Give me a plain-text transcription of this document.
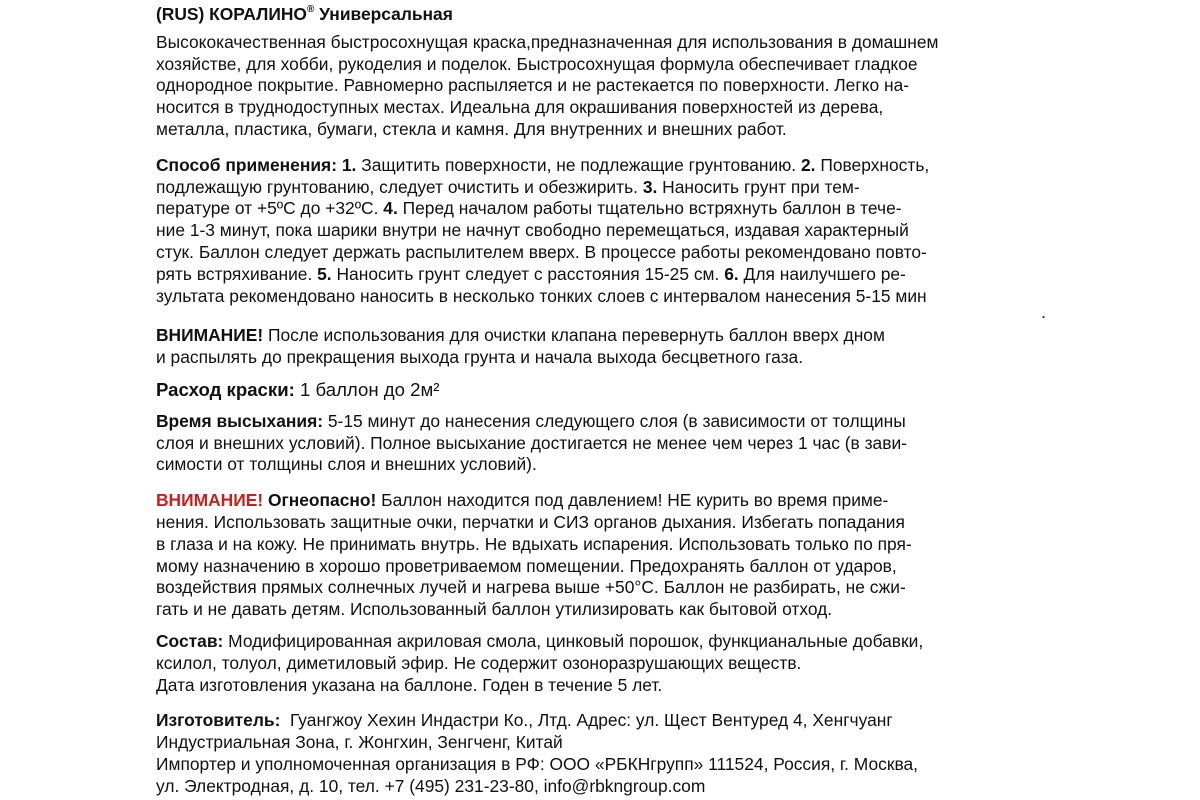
(RUS) КОРАЛИНО® Универсальная

Высококачественная быстросохнущая краска,предназначенная для использования в домашнем
хозяйстве, для хобби, рукоделия и поделок. Быстросохнущая формула обеспечивает гладкое
однородное покрытие. Равномерно распыляется и не растекается по поверхности. Легко на-
носится в труднодоступных местах. Идеальна для окрашивания поверхностей из дерева,
металла, пластика, бумаги, стекла и камня. Для внутренних и внешних работ.

Способ применения: 1. Защитить поверхности, не подлежащие грунтованию. 2. Поверхность,
подлежащую грунтованию, следует очистить и обезжирить. 3. Наносить грунт при тем-
пературе от +5ºС до +32ºС. 4. Перед началом работы тщательно встряхнуть баллон в тече-
ние 1-3 минут, пока шарики внутри не начнут свободно перемещаться, издавая характерный
стук. Баллон следует держать распылителем вверх. В процессе работы рекомендовано повто-
рять встряхивание. 5. Наносить грунт следует с расстояния 15-25 см. 6. Для наилучшего ре-
зультата рекомендовано наносить в несколько тонких слоев с интервалом нанесения 5-15 мин
.

ВНИМАНИЕ! После использования для очистки клапана перевернуть баллон вверх дном
и распылять до прекращения выхода грунта и начала выхода бесцветного газа.

Расход краски: 1 баллон до 2м²

Время высыхания: 5-15 минут до нанесения следующего слоя (в зависимости от толщины
слоя и внешних условий). Полное высыхание достигается не менее чем через 1 час (в зави-
симости от толщины слоя и внешних условий).

ВНИМАНИЕ! Огнеопасно! Баллон находится под давлением! НЕ курить во время приме-
нения. Использовать защитные очки, перчатки и СИЗ органов дыхания. Избегать попадания
в глаза и на кожу. Не принимать внутрь. Не вдыхать испарения. Использовать только по пря-
мому назначению в хорошо проветриваемом помещении. Предохранять баллон от ударов,
воздействия прямых солнечных лучей и нагрева выше +50°C. Баллон не разбирать, не сжи-
гать и не давать детям. Использованный баллон утилизировать как бытовой отход.

Состав: Модифицированная акриловая смола, цинковый порошок, функцианальные добавки,
ксилол, толуол, диметиловый эфир. Не содержит озоноразрушающих веществ.
Дата изготовления указана на баллоне. Годен в течение 5 лет.

Изготовитель: Гуангжоу Хехин Индастри Ко., Лтд. Адрес: ул. Щест Вентуред 4, Хенгчуанг
Индустриальная Зона, г. Жонгхин, Зенгченг, Китай
Импортер и уполномоченная организация в РФ: ООО «РБКНгрупп» 111524, Россия, г. Москва,
ул. Электродная, д. 10, тел. +7 (495) 231-23-80, info@rbkngroup.com
